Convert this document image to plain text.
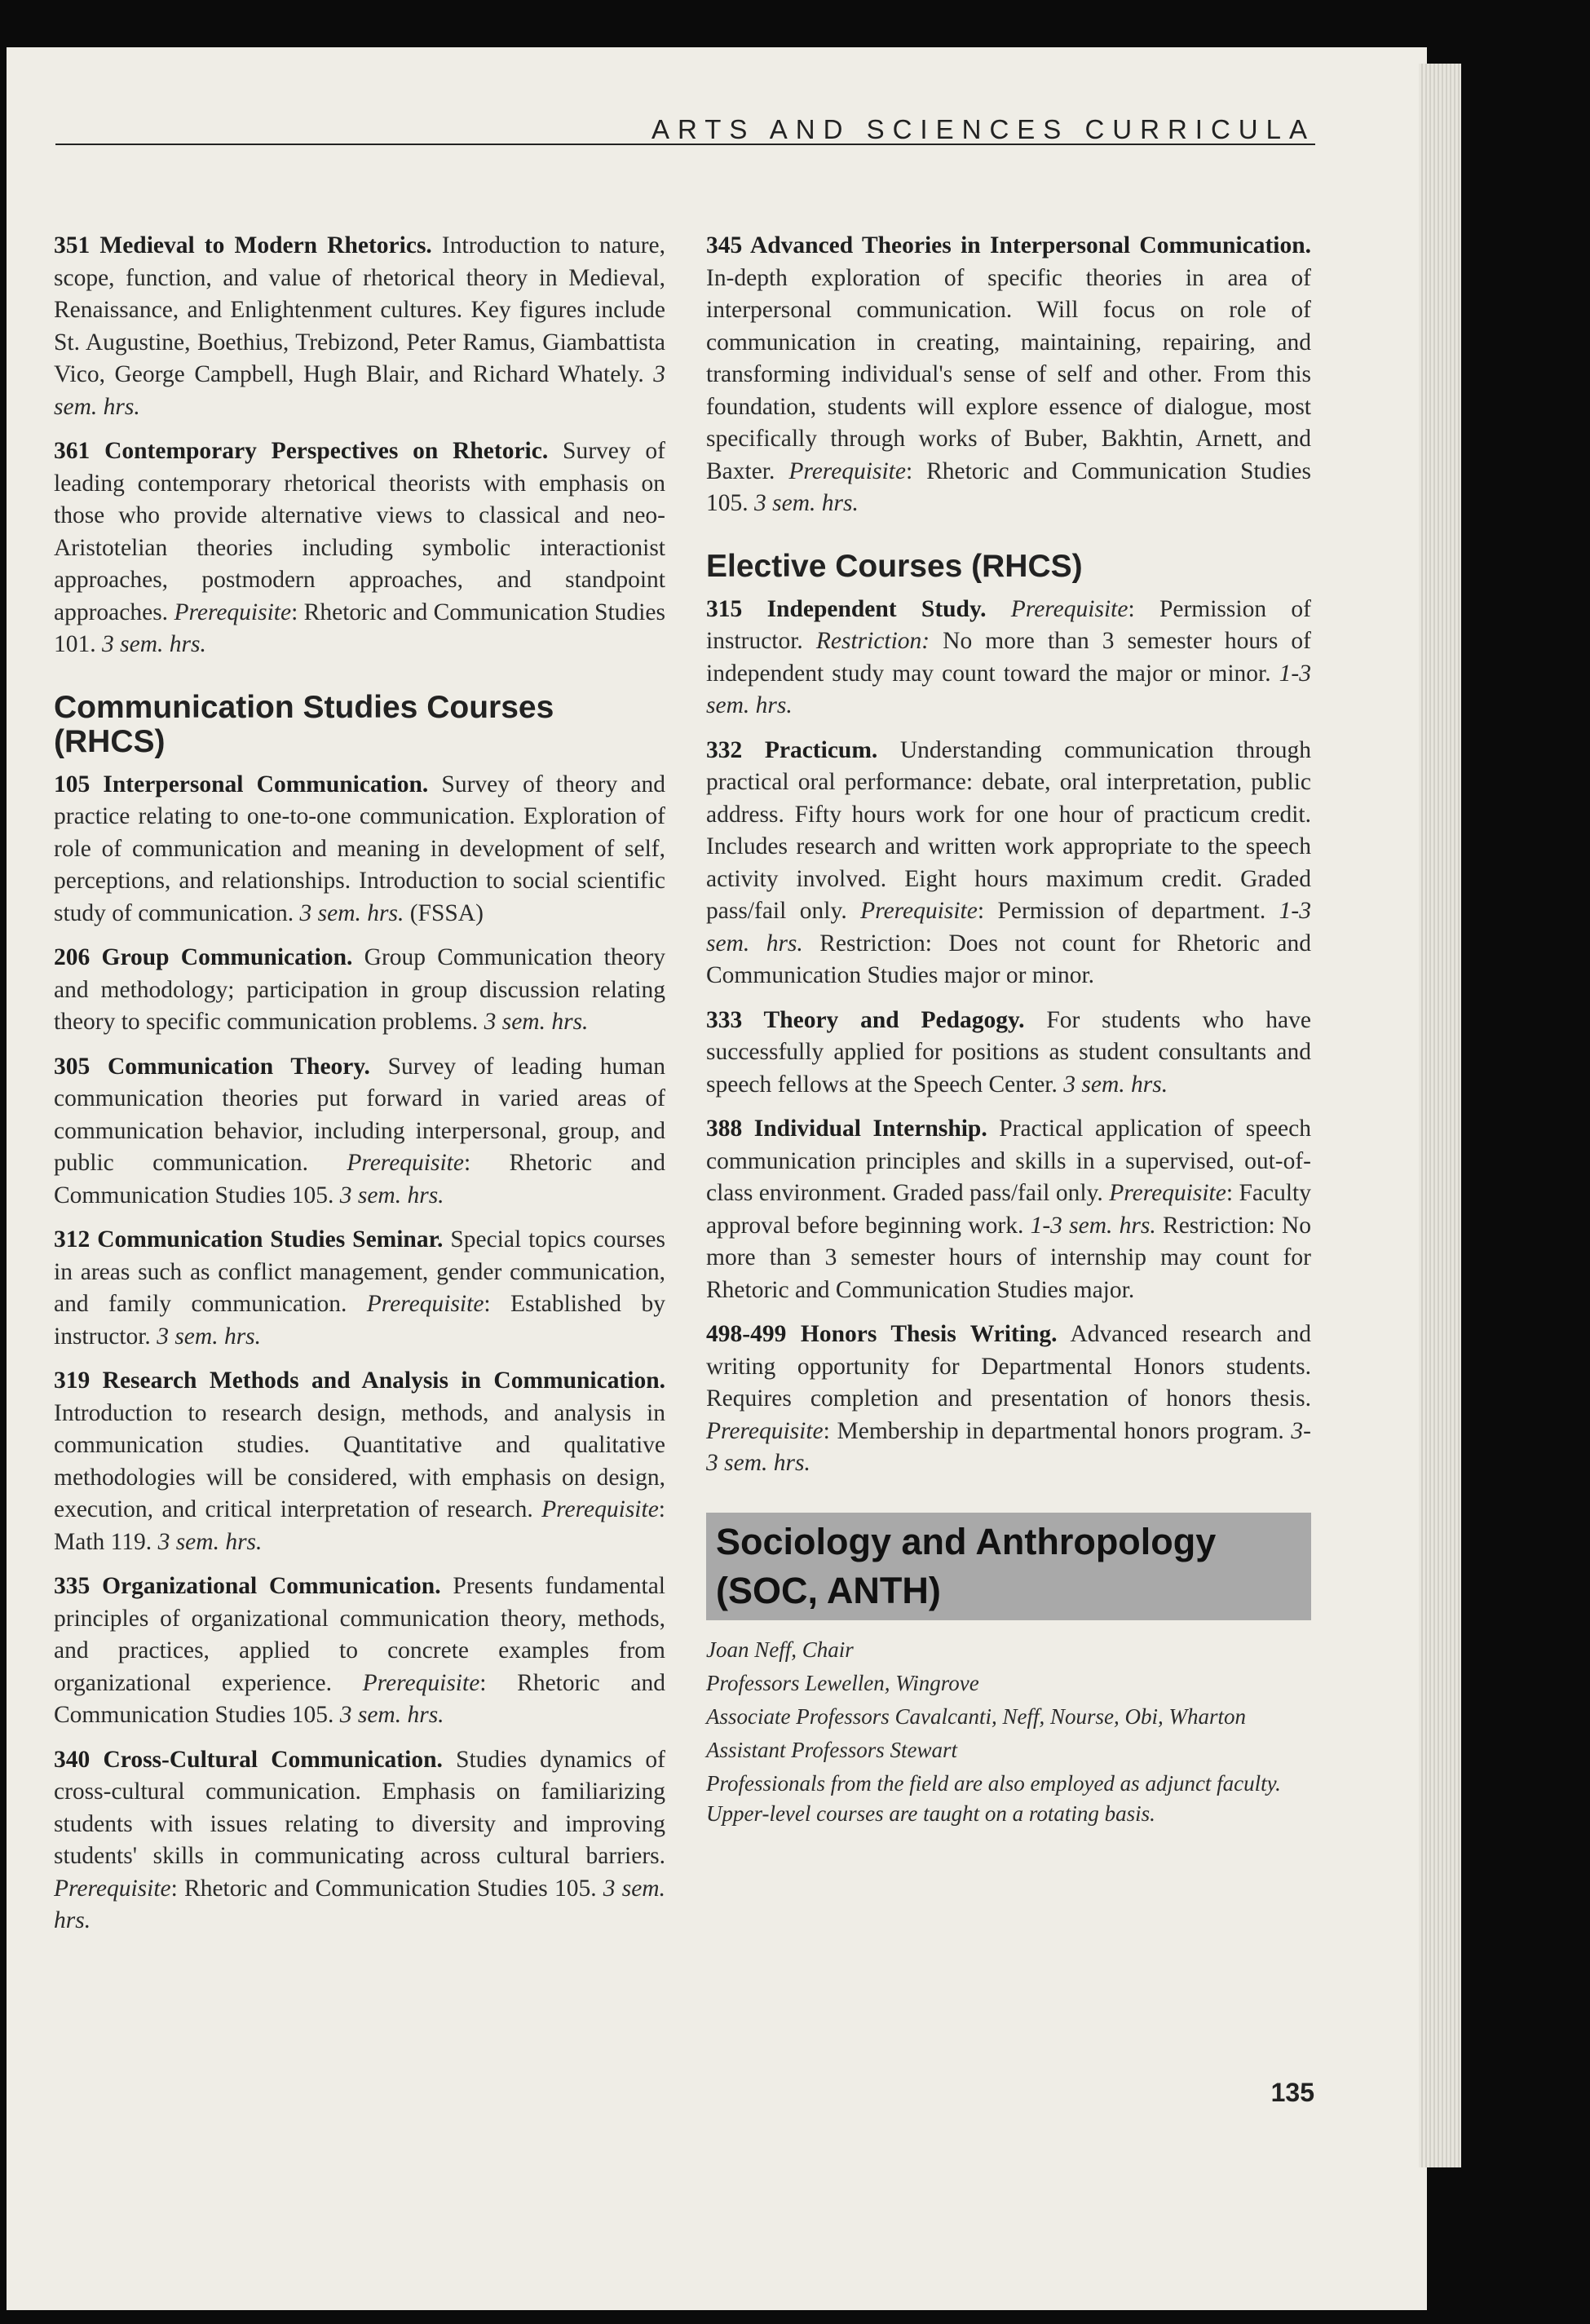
ARTS AND SCIENCES CURRICULA

351 Medieval to Modern Rhetorics. Introduction to nature, scope, function, and value of rhetorical theory in Medieval, Renaissance, and Enlightenment cultures. Key figures include St. Augustine, Boethius, Trebizond, Peter Ramus, Giambattista Vico, George Campbell, Hugh Blair, and Richard Whately. 3 sem. hrs.

361 Contemporary Perspectives on Rhetoric. Survey of leading contemporary rhetorical theorists with emphasis on those who provide alternative views to classical and neo-Aristotelian theories including symbolic interactionist approaches, postmodern approaches, and standpoint approaches. Prerequisite: Rhetoric and Communication Studies 101. 3 sem. hrs.

Communication Studies Courses (RHCS)

105 Interpersonal Communication. Survey of theory and practice relating to one-to-one communication. Exploration of role of communication and meaning in development of self, perceptions, and relationships. Introduction to social scientific study of communication. 3 sem. hrs. (FSSA)

206 Group Communication. Group Communication theory and methodology; participation in group discussion relating theory to specific communication problems. 3 sem. hrs.

305 Communication Theory. Survey of leading human communication theories put forward in varied areas of communication behavior, including interpersonal, group, and public communication. Prerequisite: Rhetoric and Communication Studies 105. 3 sem. hrs.

312 Communication Studies Seminar. Special topics courses in areas such as conflict management, gender communication, and family communication. Prerequisite: Established by instructor. 3 sem. hrs.

319 Research Methods and Analysis in Communication. Introduction to research design, methods, and analysis in communication studies. Quantitative and qualitative methodologies will be considered, with emphasis on design, execution, and critical interpretation of research. Prerequisite: Math 119. 3 sem. hrs.

335 Organizational Communication. Presents fundamental principles of organizational communication theory, methods, and practices, applied to concrete examples from organizational experience. Prerequisite: Rhetoric and Communication Studies 105. 3 sem. hrs.

340 Cross-Cultural Communication. Studies dynamics of cross-cultural communication. Emphasis on familiarizing students with issues relating to diversity and improving students' skills in communicating across cultural barriers. Prerequisite: Rhetoric and Communication Studies 105. 3 sem. hrs.

345 Advanced Theories in Interpersonal Communication. In-depth exploration of specific theories in area of interpersonal communication. Will focus on role of communication in creating, maintaining, repairing, and transforming individual's sense of self and other. From this foundation, students will explore essence of dialogue, most specifically through works of Buber, Bakhtin, Arnett, and Baxter. Prerequisite: Rhetoric and Communication Studies 105. 3 sem. hrs.

Elective Courses (RHCS)

315 Independent Study. Prerequisite: Permission of instructor. Restriction: No more than 3 semester hours of independent study may count toward the major or minor. 1-3 sem. hrs.

332 Practicum. Understanding communication through practical oral performance: debate, oral interpretation, public address. Fifty hours work for one hour of practicum credit. Includes research and written work appropriate to the speech activity involved. Eight hours maximum credit. Graded pass/fail only. Prerequisite: Permission of department. 1-3 sem. hrs. Restriction: Does not count for Rhetoric and Communication Studies major or minor.

333 Theory and Pedagogy. For students who have successfully applied for positions as student consultants and speech fellows at the Speech Center. 3 sem. hrs.

388 Individual Internship. Practical application of speech communication principles and skills in a supervised, out-of-class environment. Graded pass/fail only. Prerequisite: Faculty approval before beginning work. 1-3 sem. hrs. Restriction: No more than 3 semester hours of internship may count for Rhetoric and Communication Studies major.

498-499 Honors Thesis Writing. Advanced research and writing opportunity for Departmental Honors students. Requires completion and presentation of honors thesis. Prerequisite: Membership in departmental honors program. 3-3 sem. hrs.

Sociology and Anthropology
(SOC, ANTH)

Joan Neff, Chair

Professors Lewellen, Wingrove

Associate Professors Cavalcanti, Neff, Nourse, Obi, Wharton

Assistant Professors Stewart

Professionals from the field are also employed as adjunct faculty. Upper-level courses are taught on a rotating basis.

135
